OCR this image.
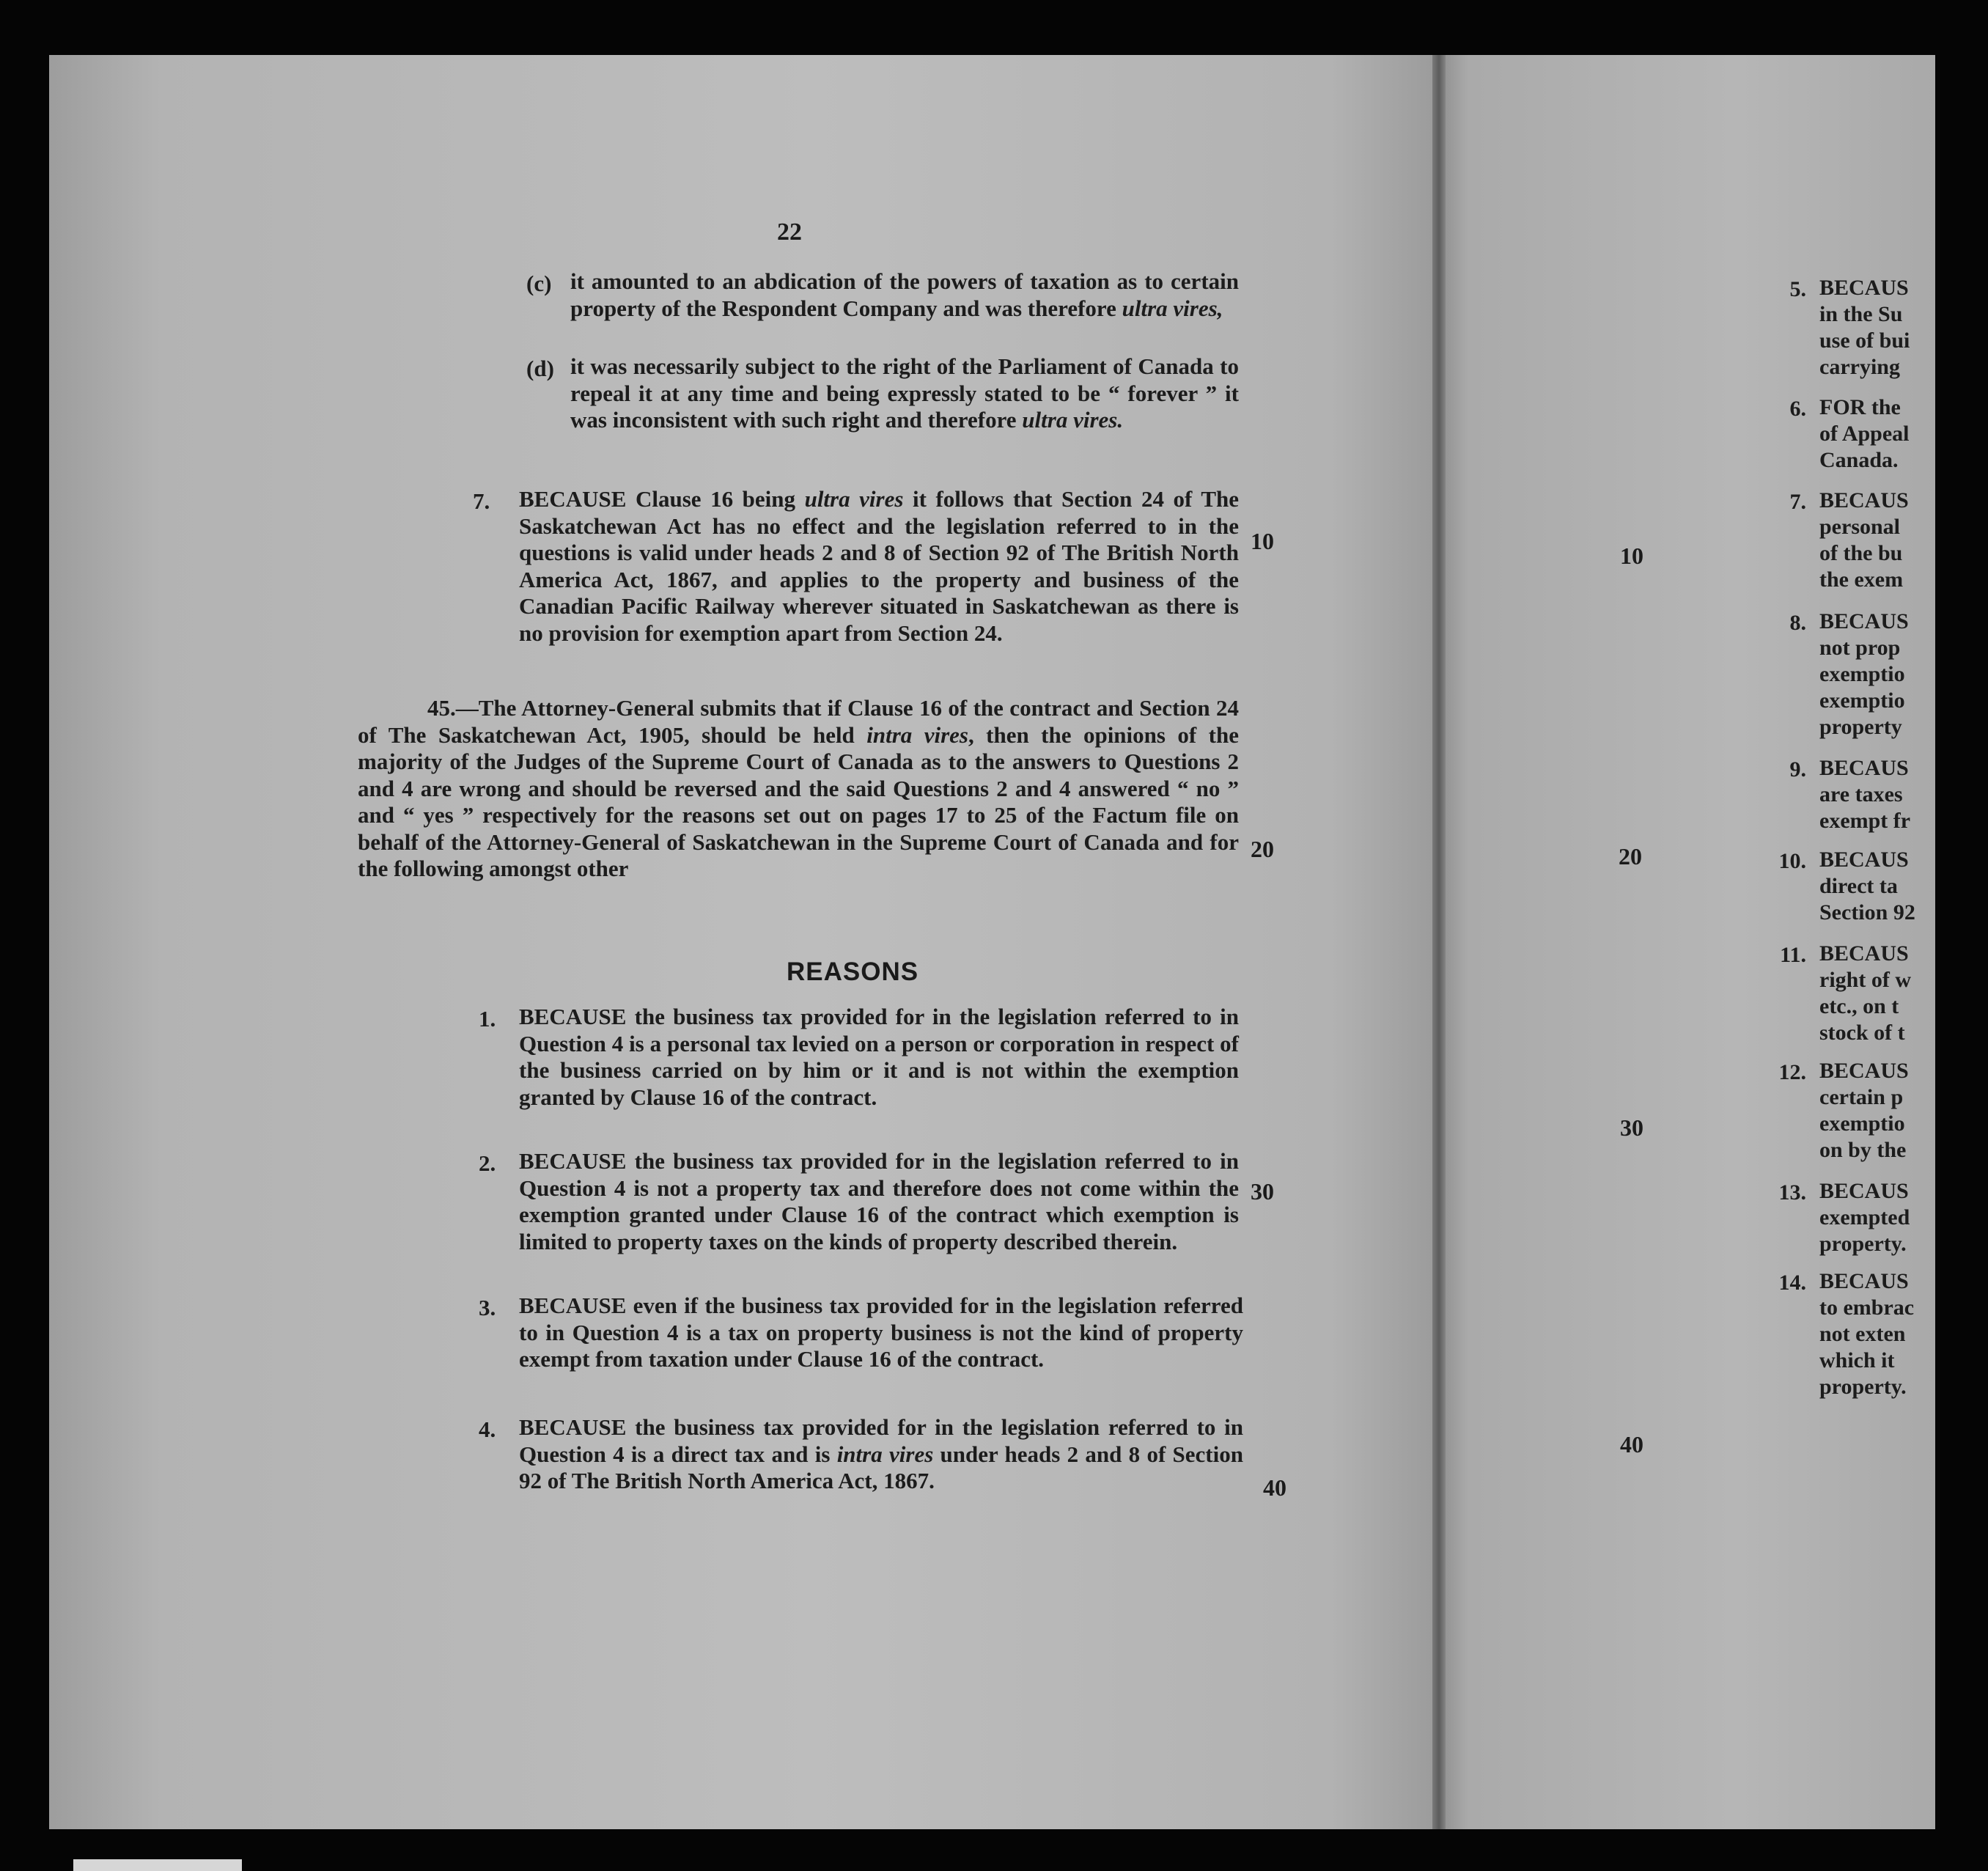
22
(c) it amounted to an abdication of the powers of taxation as to certain property of the Respondent Company and was therefore ultra vires,
(d) it was necessarily subject to the right of the Parliament of Canada to repeal it at any time and being expressly stated to be “ forever ” it was inconsistent with such right and therefore ultra vires.
7. BECAUSE Clause 16 being ultra vires it follows that Section 24 of The Saskatchewan Act has no effect and the legislation referred to in the questions is valid under heads 2 and 8 of Section 92 of The British North America Act, 1867, and applies to the property and business of the Canadian Pacific Railway wherever situated in Saskatchewan as there is no provision for exemption apart from Section 24.
45.—The Attorney-General submits that if Clause 16 of the contract and Section 24 of The Saskatchewan Act, 1905, should be held intra vires, then the opinions of the majority of the Judges of the Supreme Court of Canada as to the answers to Questions 2 and 4 are wrong and should be reversed and the said Questions 2 and 4 answered “ no ” and “ yes ” respectively for the reasons set out on pages 17 to 25 of the Factum file on behalf of the Attorney-General of Saskatchewan in the Supreme Court of Canada and for the following amongst other
REASONS
1. BECAUSE the business tax provided for in the legislation referred to in Question 4 is a personal tax levied on a person or corporation in respect of the business carried on by him or it and is not within the exemption granted by Clause 16 of the contract.
2. BECAUSE the business tax provided for in the legislation referred to in Question 4 is not a property tax and therefore does not come within the exemption granted under Clause 16 of the contract which exemption is limited to property taxes on the kinds of property described therein.
3. BECAUSE even if the business tax provided for in the legislation referred to in Question 4 is a tax on property business is not the kind of property exempt from taxation under Clause 16 of the contract.
4. BECAUSE the business tax provided for in the legislation referred to in Question 4 is a direct tax and is intra vires under heads 2 and 8 of Section 92 of The British North America Act, 1867.
10
20
30
40
10
20
30
40
5. BECAUS
in the Su
use of bui
carrying
6. FOR the
of Appeal
Canada.
7. BECAUS
personal
of the bu
the exem
8. BECAUS
not prop
exemptio
exemptio
property
9. BECAUS
are taxes
exempt fr
10. BECAUS
direct ta
Section 92
11. BECAUS
right of w
etc., on t
stock of t
12. BECAUS
certain p
exemptio
on by the
13. BECAUS
exempted
property.
14. BECAUS
to embrac
not exten
which it
property.
